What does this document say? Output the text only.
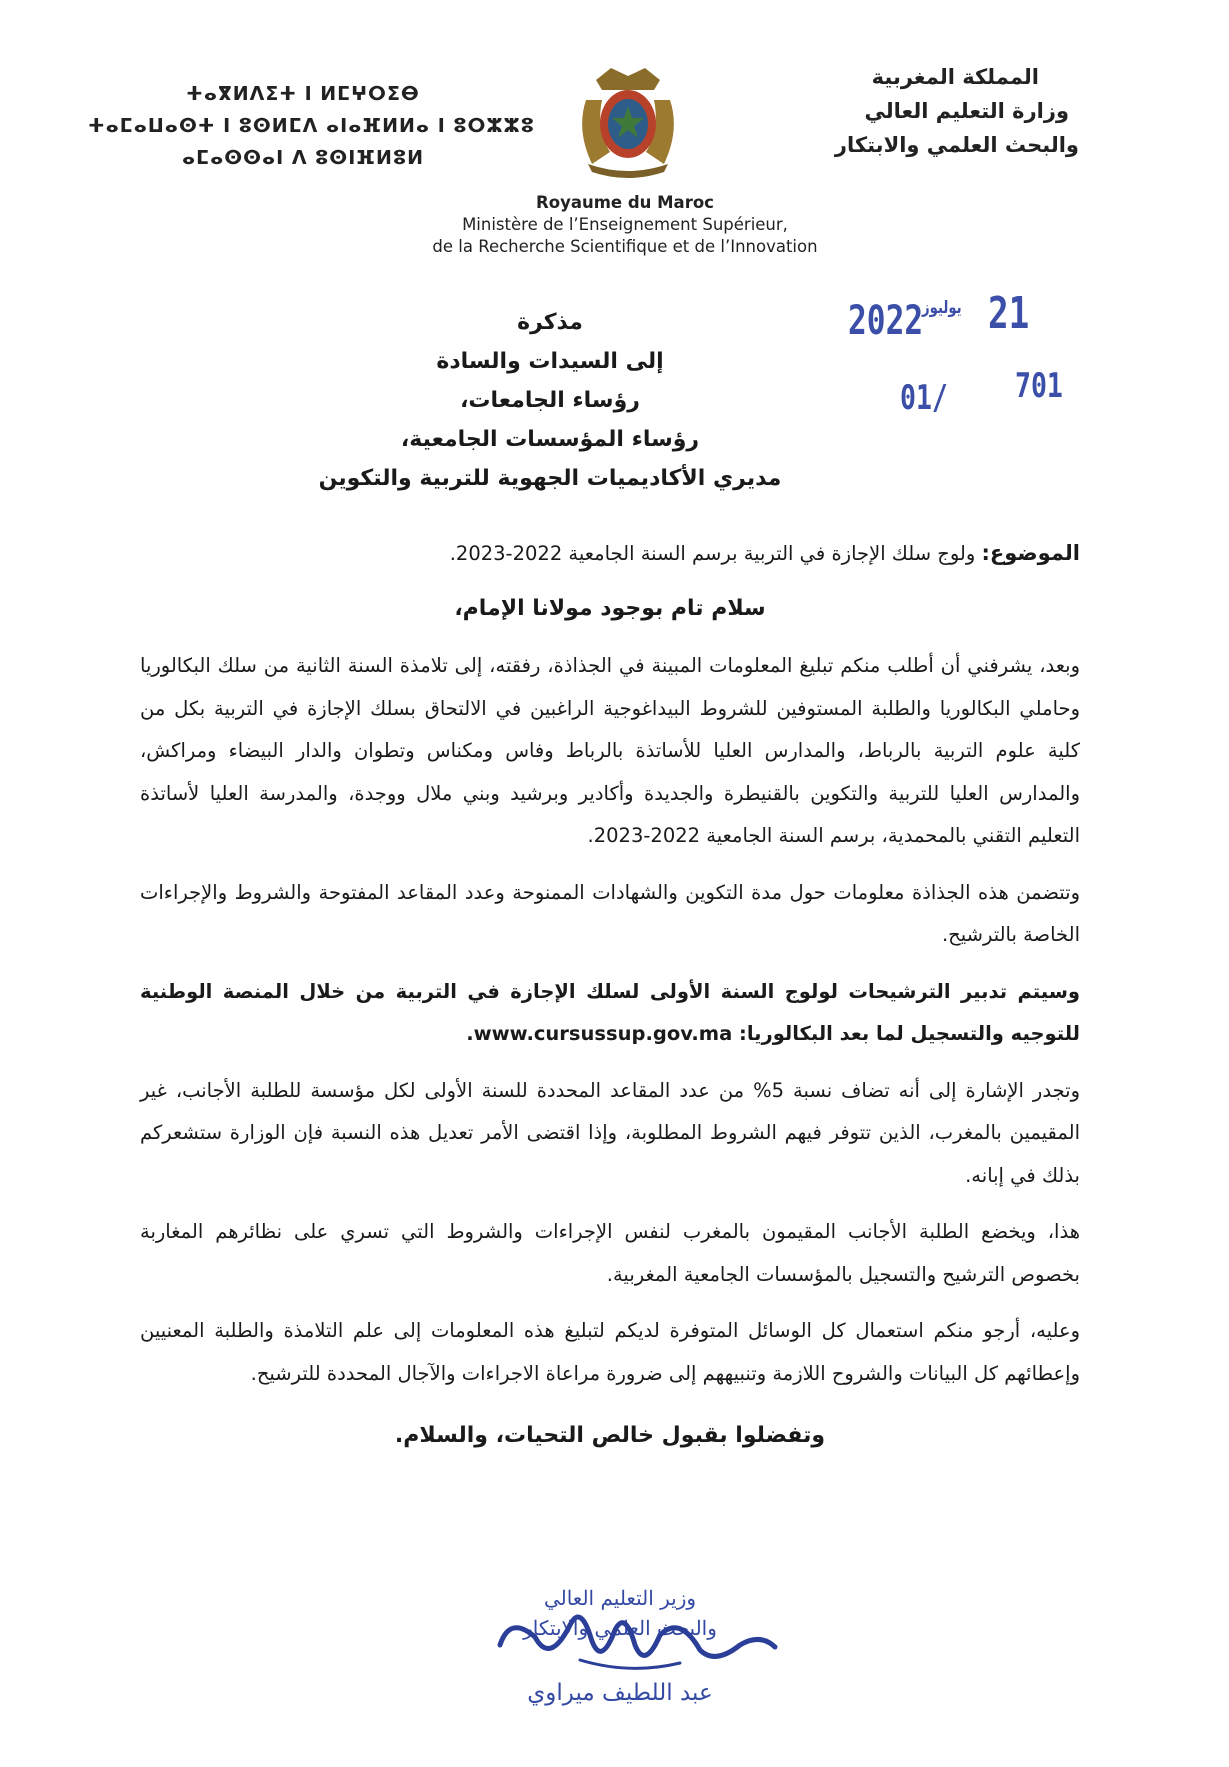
ⵜⴰⴳⵍⴷⵉⵜ ⵏ ⵍⵎⵖⵔⵉⴱ
ⵜⴰⵎⴰⵡⴰⵙⵜ ⵏ ⵓⵙⵍⵎⴷ ⴰⵏⴰⴼⵍⵍⴰ ⵏ ⵓⵔⵣⵣⵓ
ⴰⵎⴰⵙⵙⴰⵏ ⴷ ⵓⵙⵏⴼⵍⵓⵍ
المملكة المغربية
وزارة التعليم العالي
والبحث العلمي والابتكار
Royaume du Maroc
Ministère de l’Enseignement Supérieur,
de la Recherche Scientifique et de l’Innovation
2022
يوليوز 21
01/ 701
مذكرة
إلى السيدات والسادة
رؤساء الجامعات،
رؤساء المؤسسات الجامعية،
مديري الأكاديميات الجهوية للتربية والتكوين
الموضوع: ولوج سلك الإجازة في التربية برسم السنة الجامعية 2022-2023.
سلام تام بوجود مولانا الإمام،
وبعد، يشرفني أن أطلب منكم تبليغ المعلومات المبينة في الجذاذة، رفقته، إلى تلامذة السنة الثانية من سلك البكالوريا وحاملي البكالوريا والطلبة المستوفين للشروط البيداغوجية الراغبين في الالتحاق بسلك الإجازة في التربية بكل من كلية علوم التربية بالرباط، والمدارس العليا للأساتذة بالرباط وفاس ومكناس وتطوان والدار البيضاء ومراكش، والمدارس العليا للتربية والتكوين بالقنيطرة والجديدة وأكادير وبرشيد وبني ملال ووجدة، والمدرسة العليا لأساتذة التعليم التقني بالمحمدية، برسم السنة الجامعية 2022-2023.
وتتضمن هذه الجذاذة معلومات حول مدة التكوين والشهادات الممنوحة وعدد المقاعد المفتوحة والشروط والإجراءات الخاصة بالترشيح.
وسيتم تدبير الترشيحات لولوج السنة الأولى لسلك الإجازة في التربية من خلال المنصة الوطنية للتوجيه والتسجيل لما بعد البكالوريا: www.cursussup.gov.ma.
وتجدر الإشارة إلى أنه تضاف نسبة 5% من عدد المقاعد المحددة للسنة الأولى لكل مؤسسة للطلبة الأجانب، غير المقيمين بالمغرب، الذين تتوفر فيهم الشروط المطلوبة، وإذا اقتضى الأمر تعديل هذه النسبة فإن الوزارة ستشعركم بذلك في إبانه.
هذا، ويخضع الطلبة الأجانب المقيمون بالمغرب لنفس الإجراءات والشروط التي تسري على نظائرهم المغاربة بخصوص الترشيح والتسجيل بالمؤسسات الجامعية المغربية.
وعليه، أرجو منكم استعمال كل الوسائل المتوفرة لديكم لتبليغ هذه المعلومات إلى علم التلامذة والطلبة المعنيين وإعطائهم كل البيانات والشروح اللازمة وتنبيههم إلى ضرورة مراعاة الاجراءات والآجال المحددة للترشيح.
وتفضلوا بقبول خالص التحيات، والسلام.
وزير التعليم العالي
والبحث العلمي والابتكار
عبد اللطيف ميراوي
